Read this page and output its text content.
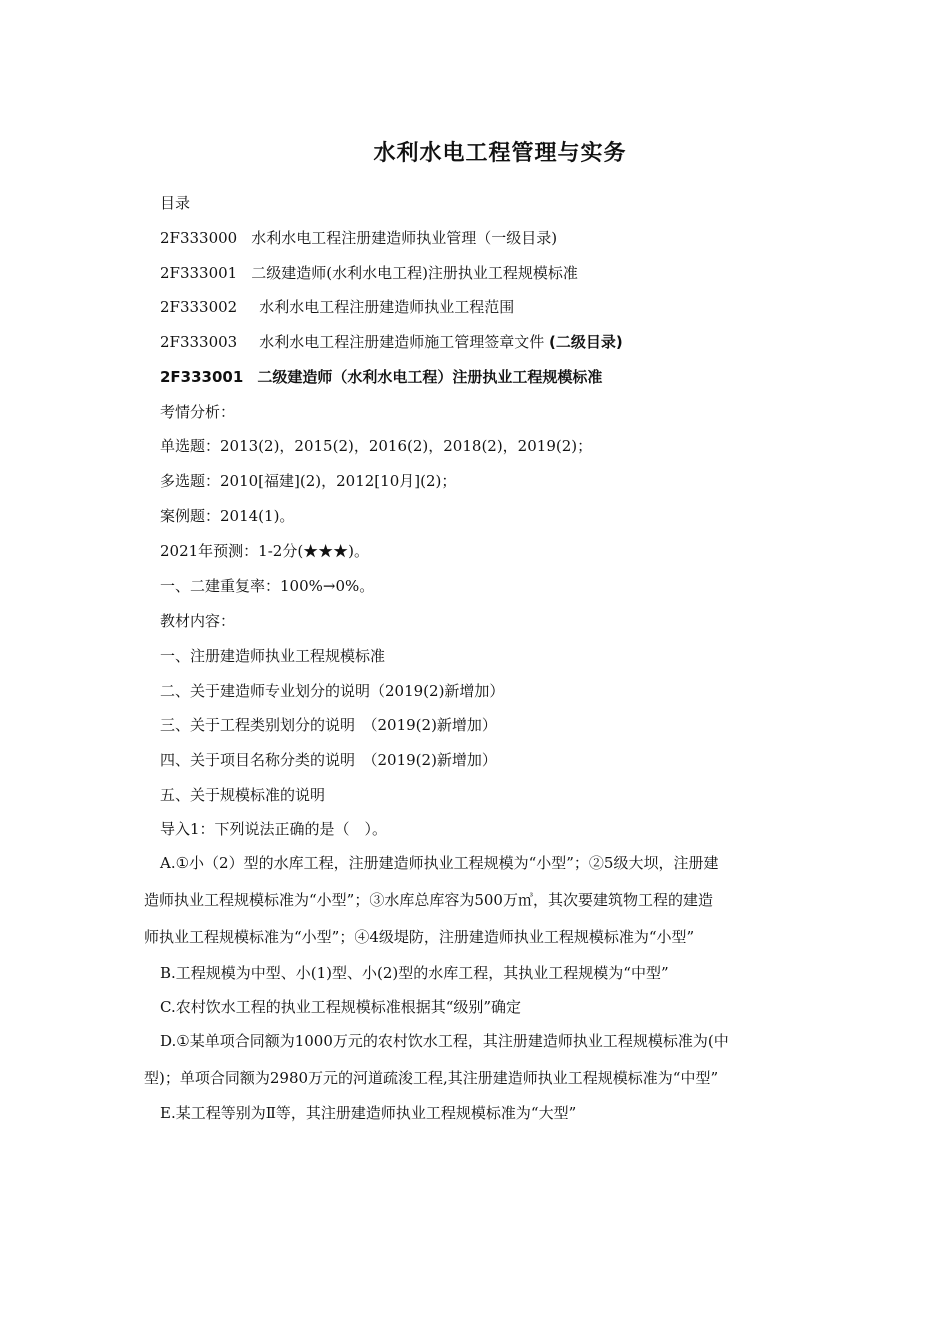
水利水电工程管理与实务
目录
2F333000 水利水电工程注册建造师执业管理（一级目录)
2F333001 二级建造师(水利水电工程)注册执业工程规模标准
2F333002 水利水电工程注册建造师执业工程范围
2F333003 水利水电工程注册建造师施工管理签章文件 (二级目录)
2F333001 二级建造师（水利水电工程）注册执业工程规模标准
考情分析：
单选题：2013(2)，2015(2)，2016(2)，2018(2)，2019(2)；
多选题：2010[福建](2)，2012[10月](2)；
案例题：2014(1)。
2021年预测：1-2分(★★★)。
一、二建重复率：100%→0%。
教材内容：
一、注册建造师执业工程规模标准
二、关于建造师专业划分的说明（2019(2)新增加）
三、关于工程类别划分的说明　（2019(2)新增加）
四、关于项目名称分类的说明　（2019(2)新增加）
五、关于规模标准的说明
导入1：下列说法正确的是（　）。
A.①小（2）型的水库工程，注册建造师执业工程规模为“小型”；②5级大坝，注册建
造师执业工程规模标准为“小型”；③水库总库容为500万㎥，其次要建筑物工程的建造
师执业工程规模标准为“小型”；④4级堤防，注册建造师执业工程规模标准为“小型”
B.工程规模为中型、小(1)型、小(2)型的水库工程，其执业工程规模为“中型”
C.农村饮水工程的执业工程规模标准根据其“级别”确定
D.①某单项合同额为1000万元的农村饮水工程，其注册建造师执业工程规模标准为(中
型)；单项合同额为2980万元的河道疏浚工程,其注册建造师执业工程规模标准为“中型”
E.某工程等别为Ⅱ等，其注册建造师执业工程规模标准为“大型”
